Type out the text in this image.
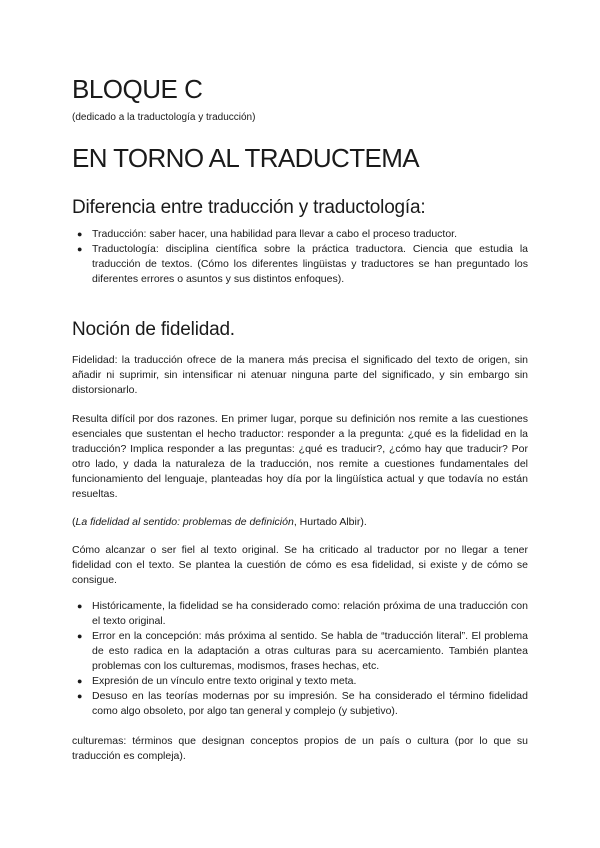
BLOQUE C
(dedicado a la traductología y traducción)
EN TORNO AL TRADUCTEMA
Diferencia entre traducción y traductología:
● Traducción: saber hacer, una habilidad para llevar a cabo el proceso traductor.
● Traductología: disciplina científica sobre la práctica traductora. Ciencia que estudia la traducción de textos. (Cómo los diferentes lingüistas y traductores se han preguntado los diferentes errores o asuntos y sus distintos enfoques).
Noción de fidelidad.

Fidelidad: la traducción ofrece de la manera más precisa el significado del texto de origen, sin añadir ni suprimir, sin intensificar ni atenuar ninguna parte del significado, y sin embargo sin distorsionarlo.

Resulta difícil por dos razones. En primer lugar, porque su definición nos remite a las cuestiones esenciales que sustentan el hecho traductor: responder a la pregunta: ¿qué es la fidelidad en la traducción? Implica responder a las preguntas: ¿qué es traducir?, ¿cómo hay que traducir? Por otro lado, y dada la naturaleza de la traducción, nos remite a cuestiones fundamentales del funcionamiento del lenguaje, planteadas hoy día por la lingüística actual y que todavía no están resueltas.

(La fidelidad al sentido: problemas de definición, Hurtado Albir).

Cómo alcanzar o ser fiel al texto original. Se ha criticado al traductor por no llegar a tener fidelidad con el texto. Se plantea la cuestión de cómo es esa fidelidad, si existe y de cómo se consigue.

● Históricamente, la fidelidad se ha considerado como: relación próxima de una traducción con el texto original.
● Error en la concepción: más próxima al sentido. Se habla de “traducción literal”. El problema de esto radica en la adaptación a otras culturas para su acercamiento. También plantea problemas con los culturemas, modismos, frases hechas, etc.
● Expresión de un vínculo entre texto original y texto meta.
● Desuso en las teorías modernas por su impresión. Se ha considerado el término fidelidad como algo obsoleto, por algo tan general y complejo (y subjetivo).

culturemas: términos que designan conceptos propios de un país o cultura (por lo que su traducción es compleja).
